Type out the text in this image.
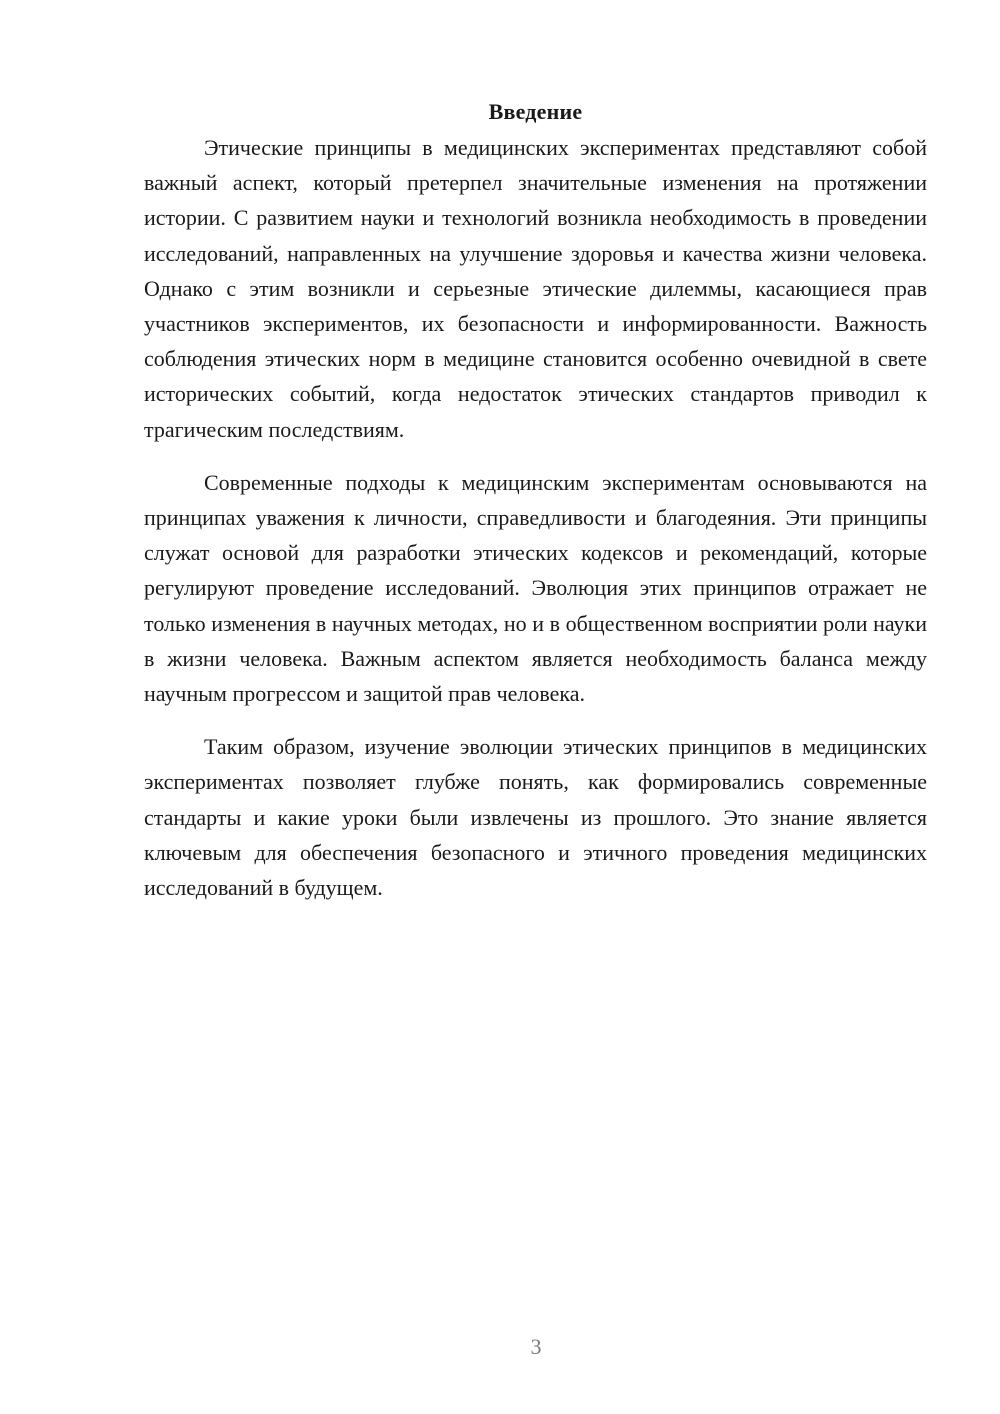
Введение

Этические принципы в медицинских экспериментах представляют собой важный аспект, который претерпел значительные изменения на протяжении истории. С развитием науки и технологий возникла необходимость в проведении исследований, направленных на улучшение здоровья и качества жизни человека. Однако с этим возникли и серьезные этические дилеммы, касающиеся прав участников экспериментов, их безопасности и информированности. Важность соблюдения этических норм в медицине становится особенно очевидной в свете исторических событий, когда недостаток этических стандартов приводил к трагическим последствиям.

Современные подходы к медицинским экспериментам основываются на принципах уважения к личности, справедливости и благодеяния. Эти принципы служат основой для разработки этических кодексов и рекомендаций, которые регулируют проведение исследований. Эволюция этих принципов отражает не только изменения в научных методах, но и в общественном восприятии роли науки в жизни человека. Важным аспектом является необходимость баланса между научным прогрессом и защитой прав человека.

Таким образом, изучение эволюции этических принципов в медицинских экспериментах позволяет глубже понять, как формировались современные стандарты и какие уроки были извлечены из прошлого. Это знание является ключевым для обеспечения безопасного и этичного проведения медицинских исследований в будущем.

3
